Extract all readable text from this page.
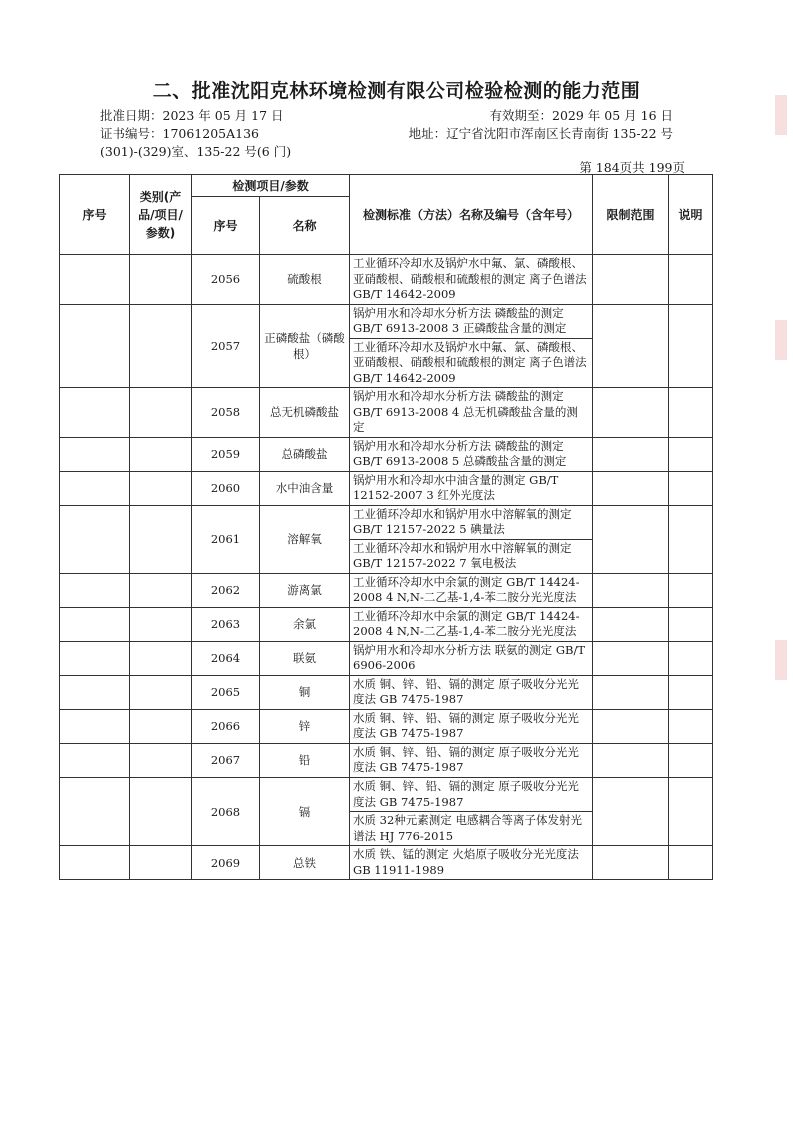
二、批准沈阳克林环境检测有限公司检验检测的能力范围
批准日期：2023 年 05 月 17 日	有效期至：2029 年 05 月 16 日
证书编号：17061205A136	地址：辽宁省沈阳市浑南区长青南街 135-22 号
(301)-(329)室、135-22 号(6 门)
第 184页共 199页
序号	类别(产品/项目/参数)	检测项目/参数		检测标准（方法）名称及编号（含年号）	限制范围	说明
		序号	名称			
		2056	硫酸根	工业循环冷却水及锅炉水中氟、氯、磷酸根、亚硝酸根、硝酸根和硫酸根的测定 离子色谱法 GB/T 14642-2009		
		2057	正磷酸盐（磷酸根）	锅炉用水和冷却水分析方法 磷酸盐的测定 GB/T 6913-2008 3 正磷酸盐含量的测定		
				工业循环冷却水及锅炉水中氟、氯、磷酸根、亚硝酸根、硝酸根和硫酸根的测定 离子色谱法 GB/T 14642-2009		
		2058	总无机磷酸盐	锅炉用水和冷却水分析方法 磷酸盐的测定 GB/T 6913-2008 4 总无机磷酸盐含量的测定		
		2059	总磷酸盐	锅炉用水和冷却水分析方法 磷酸盐的测定 GB/T 6913-2008 5 总磷酸盐含量的测定		
		2060	水中油含量	锅炉用水和冷却水中油含量的测定 GB/T 12152-2007 3 红外光度法		
		2061	溶解氧	工业循环冷却水和锅炉用水中溶解氧的测定 GB/T 12157-2022 5 碘量法		
				工业循环冷却水和锅炉用水中溶解氧的测定 GB/T 12157-2022 7 氧电极法		
		2062	游离氯	工业循环冷却水中余氯的测定 GB/T 14424-2008 4 N,N-二乙基-1,4-苯二胺分光光度法		
		2063	余氯	工业循环冷却水中余氯的测定 GB/T 14424-2008 4 N,N-二乙基-1,4-苯二胺分光光度法		
		2064	联氨	锅炉用水和冷却水分析方法 联氨的测定 GB/T 6906-2006		
		2065	铜	水质 铜、锌、铅、镉的测定 原子吸收分光光度法 GB 7475-1987		
		2066	锌	水质 铜、锌、铅、镉的测定 原子吸收分光光度法 GB 7475-1987		
		2067	铅	水质 铜、锌、铅、镉的测定 原子吸收分光光度法 GB 7475-1987		
		2068	镉	水质 铜、锌、铅、镉的测定 原子吸收分光光度法 GB 7475-1987		
				水质 32种元素测定 电感耦合等离子体发射光谱法 HJ 776-2015		
		2069	总铁	水质 铁、锰的测定 火焰原子吸收分光光度法 GB 11911-1989		
